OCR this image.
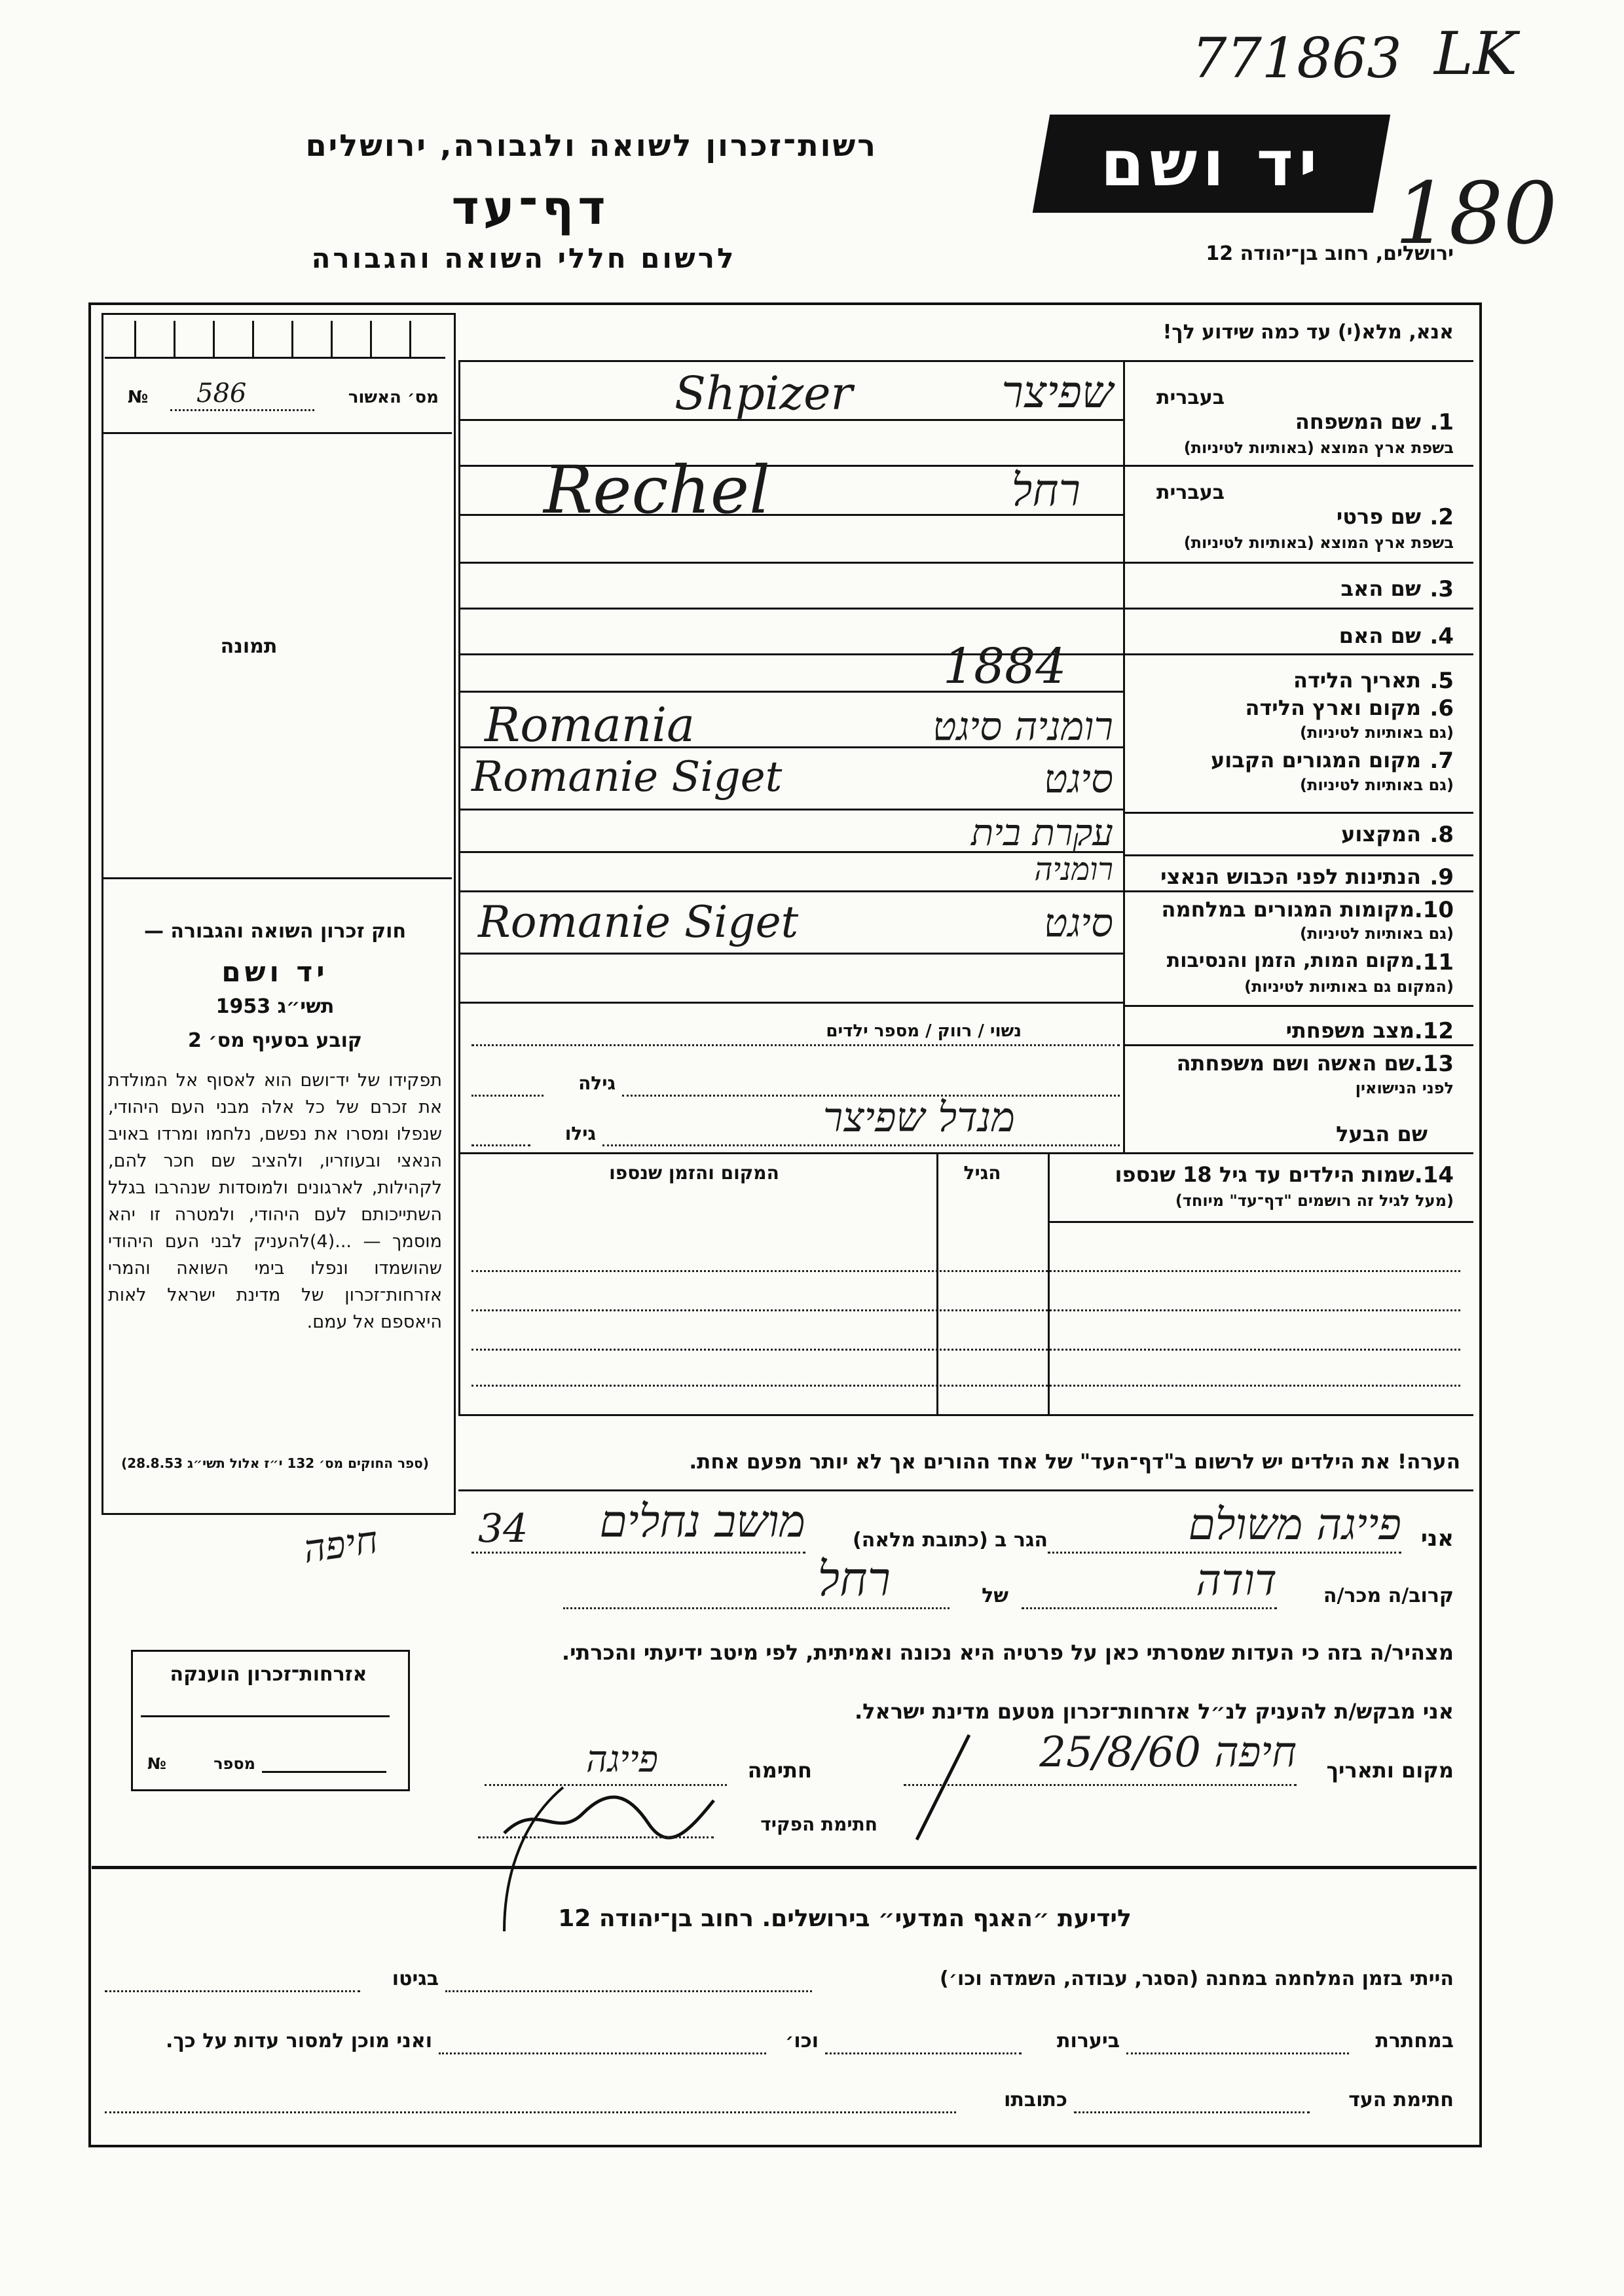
771863 LK
180
רשות־זכרון לשואה ולגבורה, ירושלים
דף־עד
לרשום חללי השואה והגבורה
יד ושם
ירושלים, רחוב בן־יהודה 12
מס׳ האשור
586
№
תמונה
חוק זכרון השואה והגבורה —
יד ושם
תשי״ג 1953
קובע בסעיף מס׳ 2
תפקידו של יד־ושם הוא לאסוף אל המולדת את זכרם של כל אלה מבני העם היהודי, שנפלו ומסרו את נפשם, נלחמו ומרדו באויב הנאצי ובעוזריו, ולהציב שם חכר להם, לקהילות, לארגונים ולמוסדות שנהרבו בגלל השתייכותם לעם היהודי, ולמטרה זו יהא מוסמך — ...(4)להעניק לבני העם היהודי שהושמדו ונפלו בימי השואה והמרי אזרחות־זכרון של מדינת ישראל לאות היאספם אל עמם.
(ספר החוקים מס׳ 132 י״ז אלול תשי״ג 28.8.53)
אזרחות־זכרון הוענקה
מספר
№
אנא, מלא(י) עד כמה שידוע לך!
1.
שם המשפחה
בשפת ארץ המוצא (באותיות לטיניות)
בעברית
2.
שם פרטי
בשפת ארץ המוצא (באותיות לטיניות)
בעברית
3.
שם האב
4.
שם האם
5.
תאריך הלידה
6.
מקום וארץ הלידה
(גם באותיות לטיניות)
7.
מקום המגורים הקבוע
(גם באותיות לטיניות)
8.
המקצוע
9.
הנתינות לפני הכבוש הנאצי
10.
מקומות המגורים במלחמה
(גם באותיות לטיניות)
11.
מקום המות, הזמן והנסיבות
(המקום גם באותיות לטיניות)
12.
מצב משפחתי
נשוי / רווק / מספר ילדים
13.
שם האשה ושם משפחתה
לפני הנישואין
גילה
שם הבעל
גילו	מנדל שפיצר
שפיצר
Shpizer
רחל
Rechel
1884
רומניה סיגט
Romania
סיגט
Romanie Siget
עקרת בית
רומניה
סיגט
Romanie Siget
14.
שמות הילדים עד גיל 18 שנספו
(מעל לגיל זה רושמים "דף־עד" מיוחד)
הגיל
המקום והזמן שנספו
הערה! את הילדים יש לרשום ב"דף־העד" של אחד ההורים אך לא יותר מפעם אחת.
אני
פייגה משולם
הגר ב (כתובת מלאה)
מושב נחלים
34
חיפה
קרוב/ה מכר/ה
דודה
של
רחל
מצהיר/ה בזה כי העדות שמסרתי כאן על פרטיה היא נכונה ואמיתית, לפי מיטב ידיעתי והכרתי.
אני מבקש/ת להעניק לנ״ל אזרחות־זכרון מטעם מדינת ישראל.
מקום ותאריך
חיפה 25/8/60
חתימה
פייגה
חתימת הפקיד
לידיעת ״האגף המדעי״ בירושלים. רחוב בן־יהודה 12
הייתי בזמן המלחמה במחנה (הסגר, עבודה, השמדה וכו׳)
בגיטו
במחתרת
ביערות
וכו׳
ואני מוכן למסור עדות על כך.
חתימת העד
כתובתו
